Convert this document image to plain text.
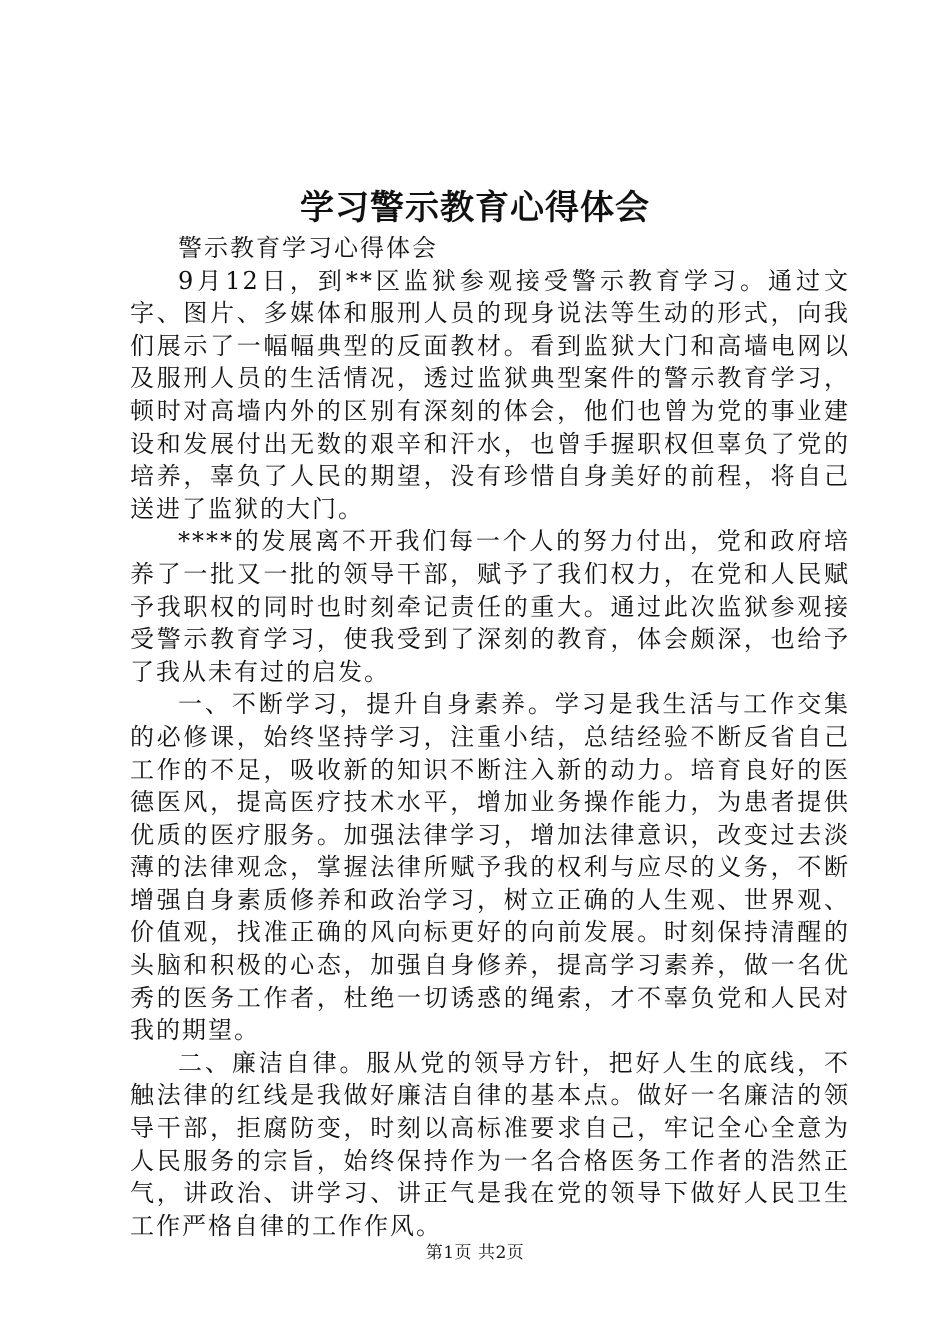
学习警示教育心得体会

警示教育学习心得体会

9月12日，到**区监狱参观接受警示教育学习。通过文字、图片、多媒体和服刑人员的现身说法等生动的形式，向我们展示了一幅幅典型的反面教材。看到监狱大门和高墙电网以及服刑人员的生活情况，透过监狱典型案件的警示教育学习，顿时对高墙内外的区别有深刻的体会，他们也曾为党的事业建设和发展付出无数的艰辛和汗水，也曾手握职权但辜负了党的培养，辜负了人民的期望，没有珍惜自身美好的前程，将自己送进了监狱的大门。

****的发展离不开我们每一个人的努力付出，党和政府培养了一批又一批的领导干部，赋予了我们权力，在党和人民赋予我职权的同时也时刻牵记责任的重大。通过此次监狱参观接受警示教育学习，使我受到了深刻的教育，体会颇深，也给予了我从未有过的启发。

一、不断学习，提升自身素养。学习是我生活与工作交集的必修课，始终坚持学习，注重小结，总结经验不断反省自己工作的不足，吸收新的知识不断注入新的动力。培育良好的医德医风，提高医疗技术水平，增加业务操作能力，为患者提供优质的医疗服务。加强法律学习，增加法律意识，改变过去淡薄的法律观念，掌握法律所赋予我的权利与应尽的义务，不断增强自身素质修养和政治学习，树立正确的人生观、世界观、价值观，找准正确的风向标更好的向前发展。时刻保持清醒的头脑和积极的心态，加强自身修养，提高学习素养，做一名优秀的医务工作者，杜绝一切诱惑的绳索，才不辜负党和人民对我的期望。

二、廉洁自律。服从党的领导方针，把好人生的底线，不触法律的红线是我做好廉洁自律的基本点。做好一名廉洁的领导干部，拒腐防变，时刻以高标准要求自己，牢记全心全意为人民服务的宗旨，始终保持作为一名合格医务工作者的浩然正气，讲政治、讲学习、讲正气是我在党的领导下做好人民卫生工作严格自律的工作作风。

第1页 共2页
